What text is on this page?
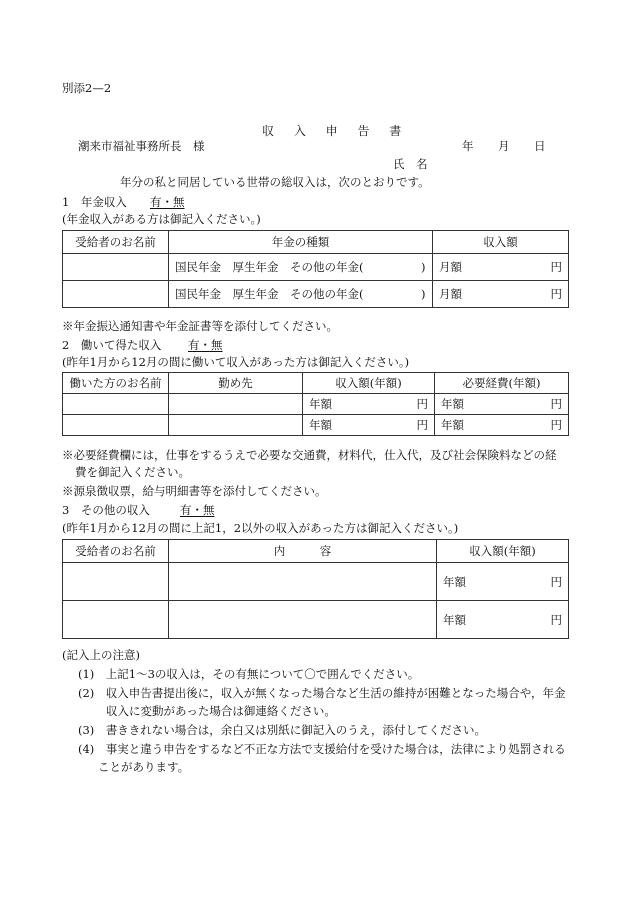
別添2—2
収 入 申 告 書
潮来市福祉事務所長　様	年 月 日
氏　名
年分の私と同居している世帯の総収入は，次のとおりです。
1　年金収入 有・無
(年金収入がある方は御記入ください。)
受給者のお名前	年金の種類	収入額
	国民年金　厚生年金　その他の年金(　　　　　)	月額 円

	国民年金　厚生年金　その他の年金(　　　　　)	月額 円
※年金振込通知書や年金証書等を添付してください。
2　働いて得た収入 有・無
(昨年1月から12月の間に働いて収入があった方は御記入ください。)
働いた方のお名前	勤め先	収入額(年額)	必要経費(年額)

		年額 円	年額 円

		年額 円	年額 円
※必要経費欄には，仕事をするうえで必要な交通費，材料代，仕入代，及び社会保険料などの経
費を御記入ください。
※源泉徴収票，給与明細書等を添付してください。
3　その他の収入	有・無
(昨年1月から12月の間に上記1，2以外の収入があった方は御記入ください。)
受給者のお名前	内　　　容	収入額(年額)

		年額 円

		年額 円
(記入上の注意)
(1)　上記1～3の収入は，その有無について〇で囲んでください。
(2)　収入申告書提出後に，収入が無くなった場合など生活の維持が困難となった場合や，年金
収入に変動があった場合は御連絡ください。
(3)　書ききれない場合は，余白又は別紙に御記入のうえ，添付してください。
(4)　事実と違う申告をするなど不正な方法で支援給付を受けた場合は，法律により処罰される
ことがあります。
